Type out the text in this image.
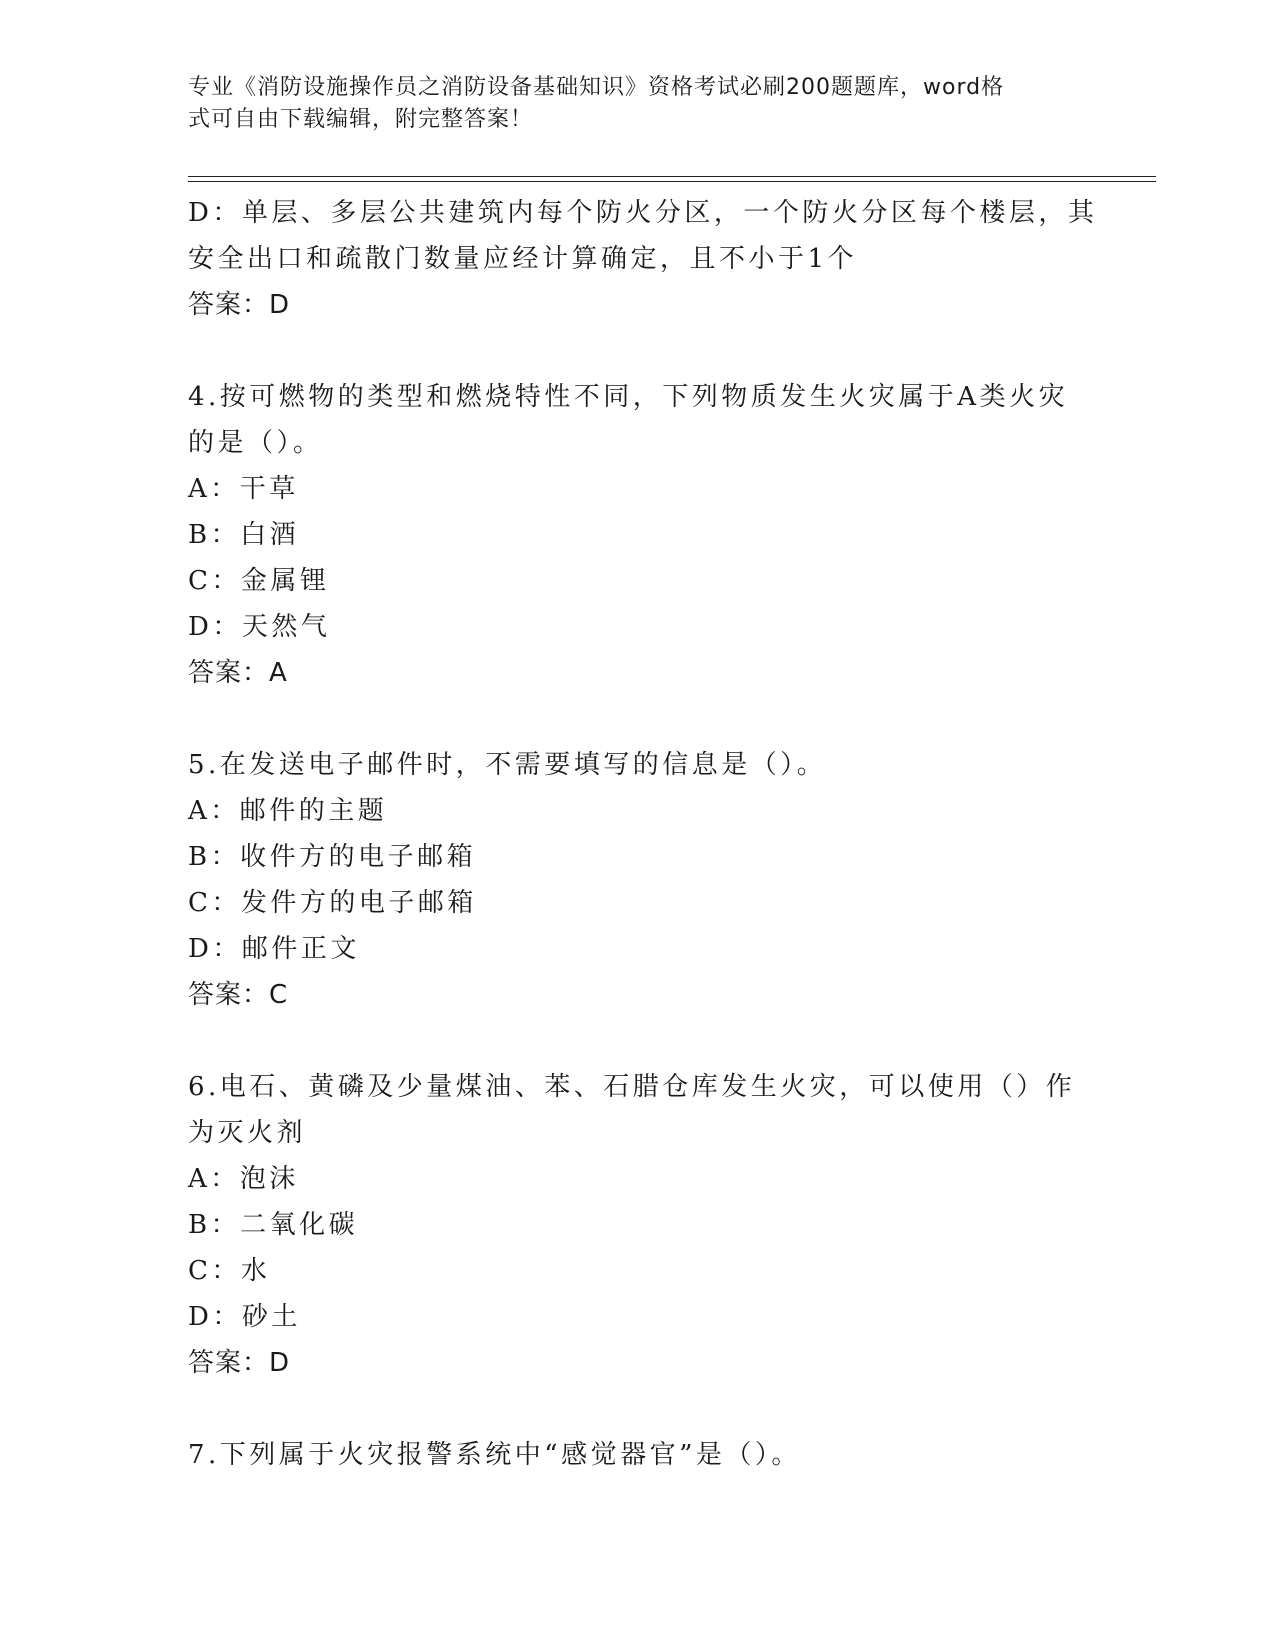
专业《消防设施操作员之消防设备基础知识》资格考试必刷200题题库，word格
式可自由下载编辑，附完整答案！
D：单层、多层公共建筑内每个防火分区，一个防火分区每个楼层，其
安全出口和疏散门数量应经计算确定，且不小于1个
答案：D
4.按可燃物的类型和燃烧特性不同，下列物质发生火灾属于A类火灾
的是（）。
A：干草
B：白酒
C：金属锂
D：天然气
答案：A
5.在发送电子邮件时，不需要填写的信息是（）。
A：邮件的主题
B：收件方的电子邮箱
C：发件方的电子邮箱
D：邮件正文
答案：C
6.电石、黄磷及少量煤油、苯、石腊仓库发生火灾，可以使用（）作
为灭火剂
A：泡沫
B：二氧化碳
C：水
D：砂土
答案：D
7.下列属于火灾报警系统中“感觉器官”是（）。
